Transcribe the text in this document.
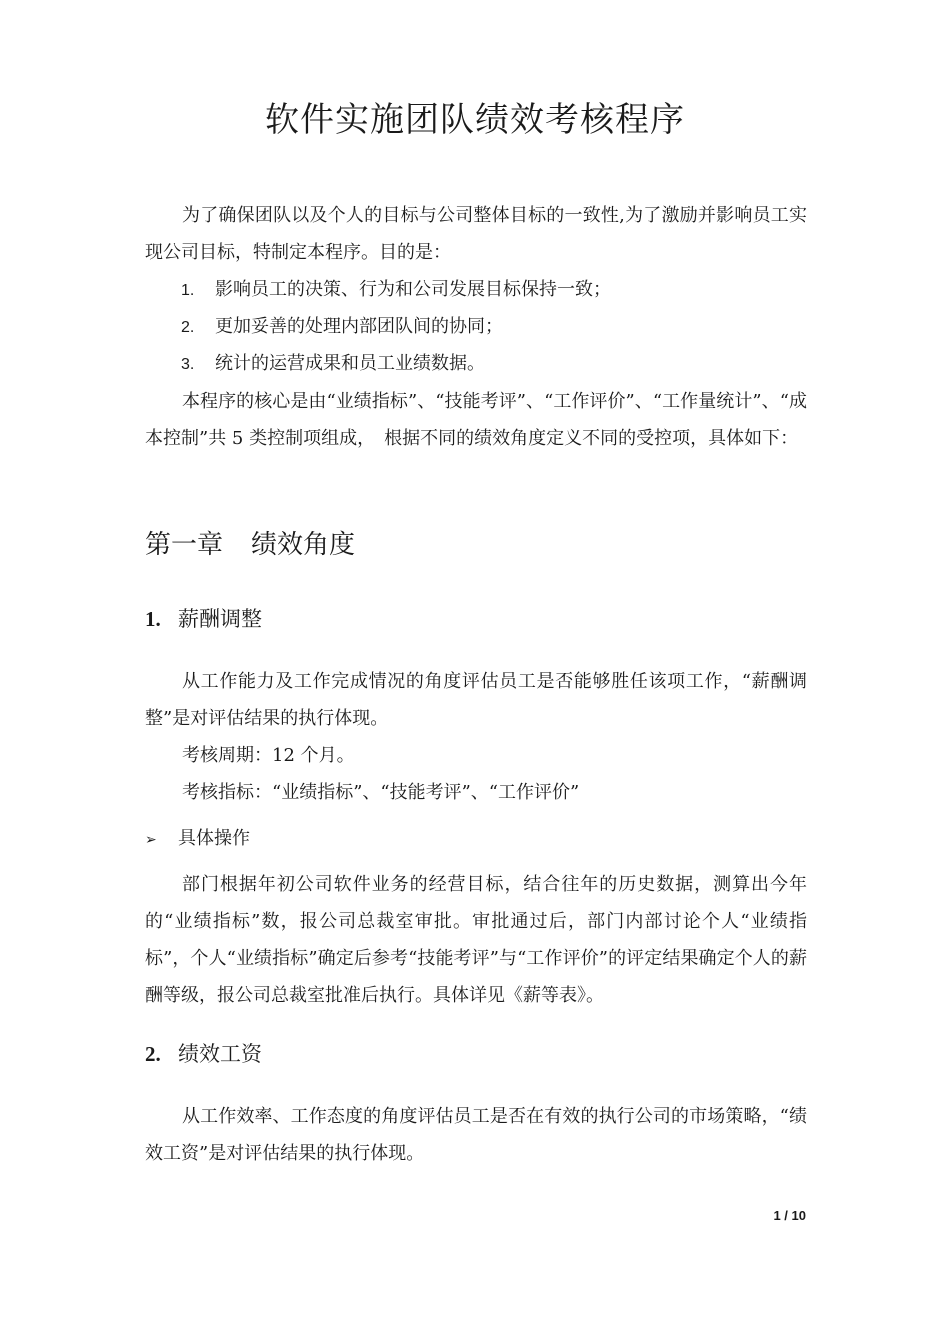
软件实施团队绩效考核程序

为了确保团队以及个人的目标与公司整体目标的一致性,为了激励并影响员工实现公司目标，特制定本程序。目的是：

1. 影响员工的决策、行为和公司发展目标保持一致；

2. 更加妥善的处理内部团队间的协同；

3. 统计的运营成果和员工业绩数据。

本程序的核心是由“业绩指标”、“技能考评”、“工作评价”、“工作量统计”、“成本控制”共 5 类控制项组成，　根据不同的绩效角度定义不同的受控项，具体如下：

第一章 绩效角度
1. 薪酬调整

从工作能力及工作完成情况的角度评估员工是否能够胜任该项工作，“薪酬调整”是对评估结果的执行体现。

考核周期：12 个月。

考核指标：“业绩指标”、“技能考评”、“工作评价”

➢ 具体操作

部门根据年初公司软件业务的经营目标，结合往年的历史数据，测算出今年的“业绩指标”数，报公司总裁室审批。审批通过后，部门内部讨论个人“业绩指标”，个人“业绩指标”确定后参考“技能考评”与“工作评价”的评定结果确定个人的薪酬等级，报公司总裁室批准后执行。具体详见《薪等表》。

2. 绩效工资

从工作效率、工作态度的角度评估员工是否在有效的执行公司的市场策略，“绩效工资”是对评估结果的执行体现。

1 / 10
